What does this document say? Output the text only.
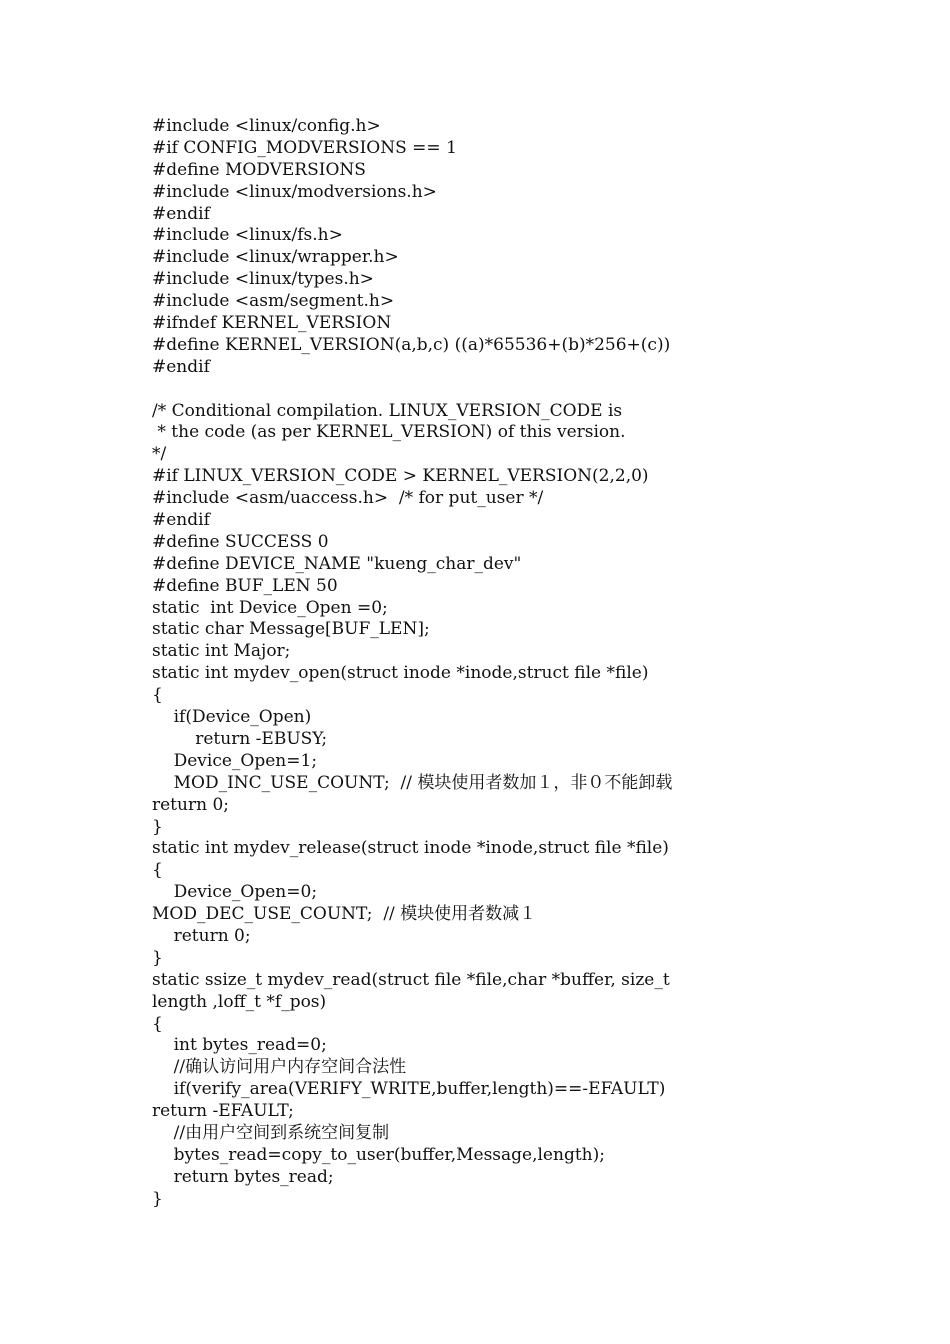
#include <linux/config.h>
#if CONFIG_MODVERSIONS == 1
#define MODVERSIONS
#include <linux/modversions.h>
#endif
#include <linux/fs.h>
#include <linux/wrapper.h>
#include <linux/types.h>
#include <asm/segment.h>
#ifndef KERNEL_VERSION
#define KERNEL_VERSION(a,b,c) ((a)*65536+(b)*256+(c))
#endif
/* Conditional compilation. LINUX_VERSION_CODE is
* the code (as per KERNEL_VERSION) of this version.
*/
#if LINUX_VERSION_CODE > KERNEL_VERSION(2,2,0)
#include <asm/uaccess.h>  /* for put_user */
#endif
#define SUCCESS 0
#define DEVICE_NAME "kueng_char_dev"
#define BUF_LEN 50
static  int Device_Open =0;
static char Message[BUF_LEN];
static int Major;
static int mydev_open(struct inode *inode,struct file *file)
{
if(Device_Open)
return -EBUSY;
Device_Open=1;
MOD_INC_USE_COUNT;  // 模块使用者数加１，非０不能卸载
return 0;
}
static int mydev_release(struct inode *inode,struct file *file)
{
Device_Open=0;
MOD_DEC_USE_COUNT;  // 模块使用者数减１
return 0;
}
static ssize_t mydev_read(struct file *file,char *buffer, size_t
length ,loff_t *f_pos)
{
int bytes_read=0;
//确认访问用户内存空间合法性
if(verify_area(VERIFY_WRITE,buffer,length)==-EFAULT)
return -EFAULT;
//由用户空间到系统空间复制
bytes_read=copy_to_user(buffer,Message,length);
return bytes_read;
}
